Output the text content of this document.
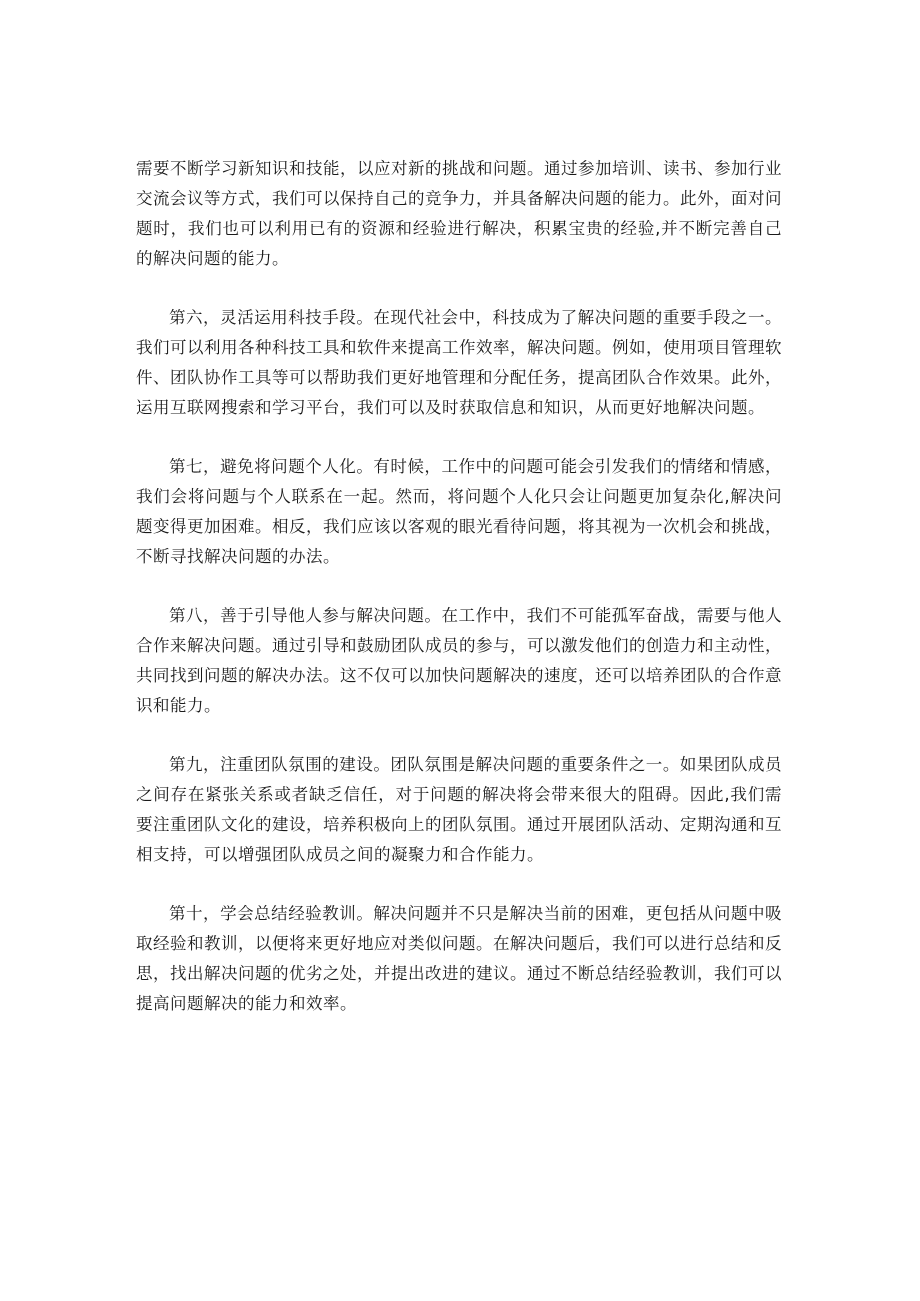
需要不断学习新知识和技能，以应对新的挑战和问题。通过参加培训、读书、参加行业交流会议等方式，我们可以保持自己的竞争力，并具备解决问题的能力。此外，面对问题时，我们也可以利用已有的资源和经验进行解决，积累宝贵的经验,并不断完善自己的解决问题的能力。

第六，灵活运用科技手段。在现代社会中，科技成为了解决问题的重要手段之一。我们可以利用各种科技工具和软件来提高工作效率，解决问题。例如，使用项目管理软件、团队协作工具等可以帮助我们更好地管理和分配任务，提高团队合作效果。此外，运用互联网搜索和学习平台，我们可以及时获取信息和知识，从而更好地解决问题。

第七，避免将问题个人化。有时候，工作中的问题可能会引发我们的情绪和情感，我们会将问题与个人联系在一起。然而，将问题个人化只会让问题更加复杂化,解决问题变得更加困难。相反，我们应该以客观的眼光看待问题，将其视为一次机会和挑战，不断寻找解决问题的办法。

第八，善于引导他人参与解决问题。在工作中，我们不可能孤军奋战，需要与他人合作来解决问题。通过引导和鼓励团队成员的参与，可以激发他们的创造力和主动性，共同找到问题的解决办法。这不仅可以加快问题解决的速度，还可以培养团队的合作意识和能力。

第九，注重团队氛围的建设。团队氛围是解决问题的重要条件之一。如果团队成员之间存在紧张关系或者缺乏信任，对于问题的解决将会带来很大的阻碍。因此,我们需要注重团队文化的建设，培养积极向上的团队氛围。通过开展团队活动、定期沟通和互相支持，可以增强团队成员之间的凝聚力和合作能力。

第十，学会总结经验教训。解决问题并不只是解决当前的困难，更包括从问题中吸取经验和教训，以便将来更好地应对类似问题。在解决问题后，我们可以进行总结和反思，找出解决问题的优劣之处，并提出改进的建议。通过不断总结经验教训，我们可以提高问题解决的能力和效率。
